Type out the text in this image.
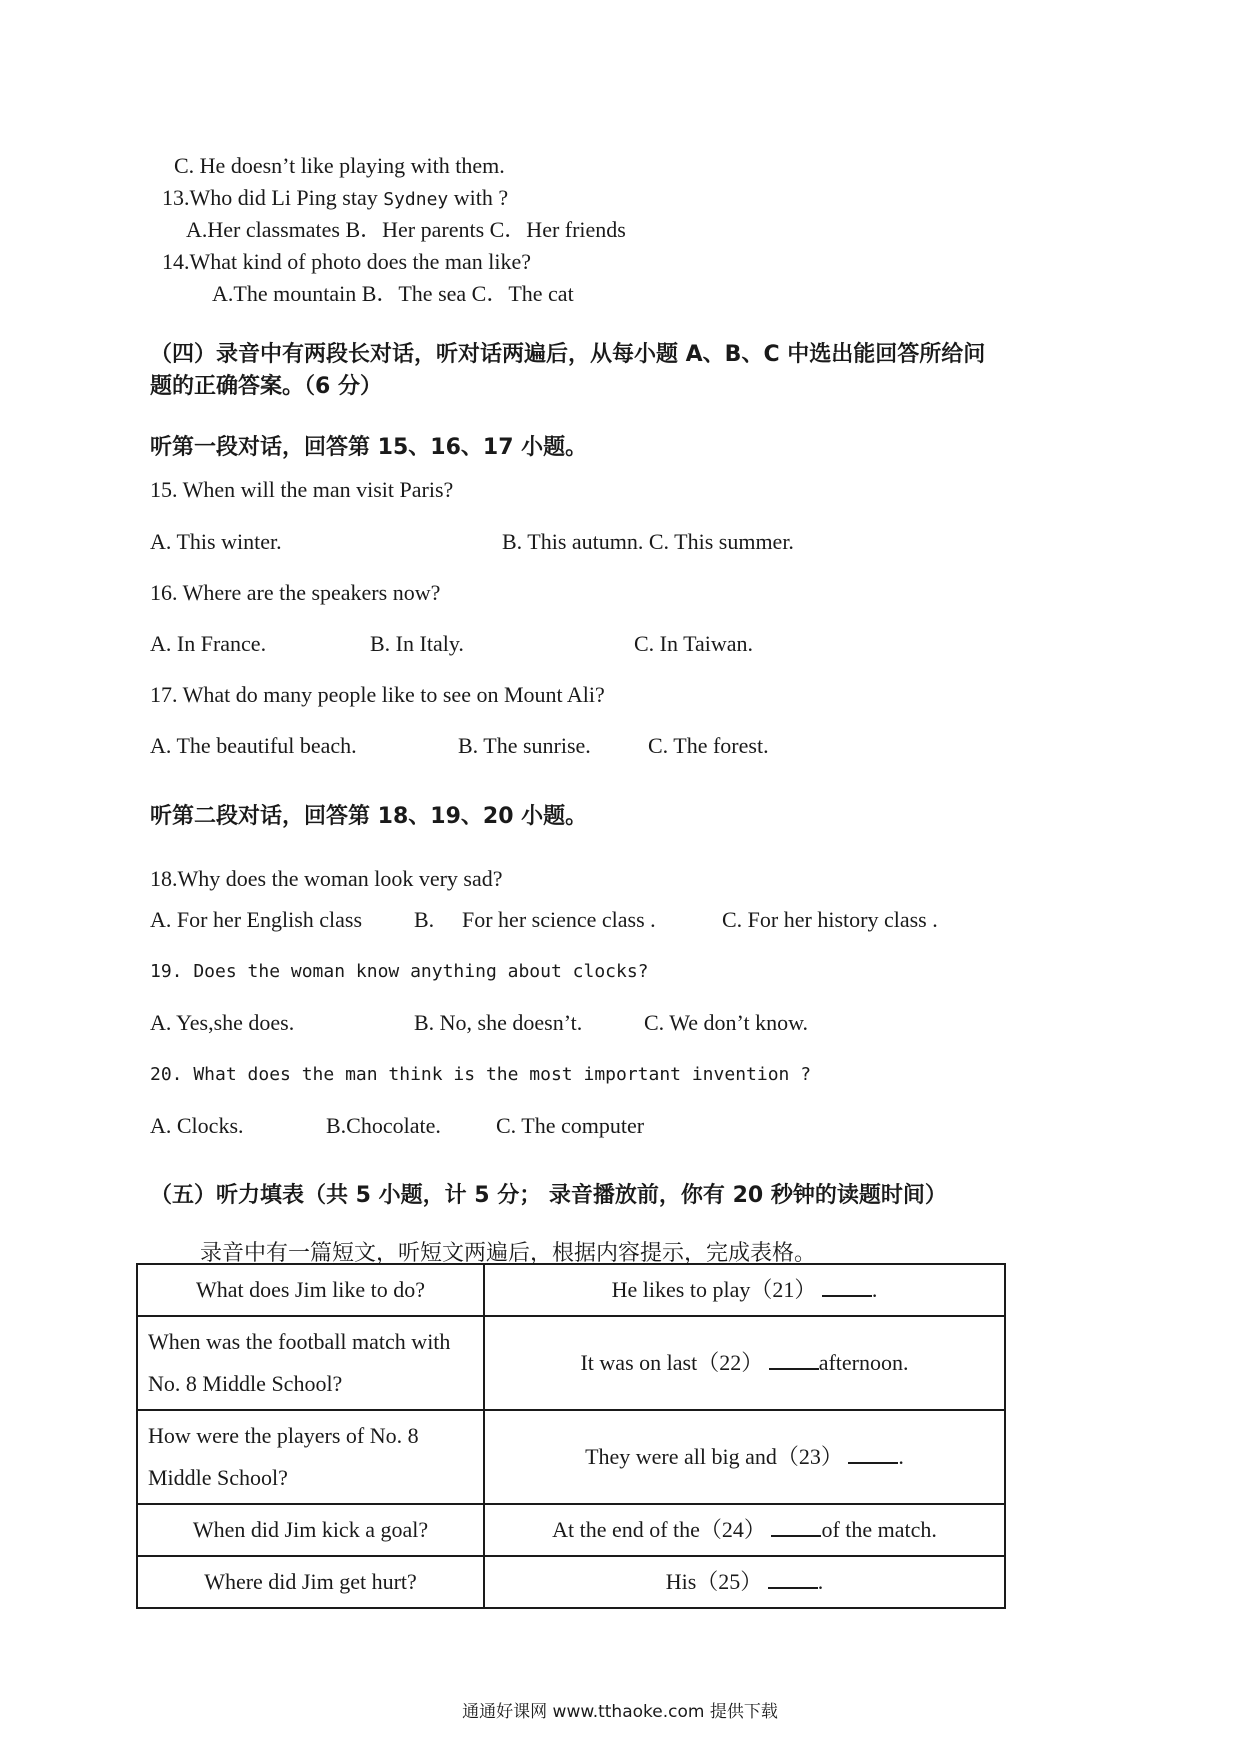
C. He doesn’t like playing with them.
13.Who did Li Ping stay Sydney with ?
A.Her classmates B．Her parents C．Her friends
14.What kind of photo does the man like?
A.The mountain B．The sea C．The cat
（四）录音中有两段长对话，听对话两遍后，从每小题 A、B、C 中选出能回答所给问
题的正确答案。（6 分）
听第一段对话，回答第 15、16、17 小题。
15. When will the man visit Paris?
A. This winter.	B. This autumn. C. This summer.
16. Where are the speakers now?
A. In France.	B. In Italy.	C. In Taiwan.
17. What do many people like to see on Mount Ali?
A. The beautiful beach.	B. The sunrise.	C. The forest.
听第二段对话，回答第 18、19、20 小题。
18.Why does the woman look very sad?
A. For her English class B. For her science class .	C. For her history class .
19. Does the woman know anything about clocks?
A. Yes,she does.	B. No, she doesn’t.	C. We don’t know.
20. What does the man think is the most important invention ?
A. Clocks.	B.Chocolate.	C. The computer
（五）听力填表（共 5 小题，计 5 分； 录音播放前，你有 20 秒钟的读题时间）
录音中有一篇短文，听短文两遍后，根据内容提示，完成表格。
What does Jim like to do?	He likes to play（21） .
When was the football match with No. 8 Middle School?	It was on last（22） afternoon.
How were the players of No. 8 Middle School?	They were all big and（23） .
When did Jim kick a goal?	At the end of the（24） of the match.
Where did Jim get hurt?	His（25） .
通通好课网 www.tthaoke.com 提供下载
